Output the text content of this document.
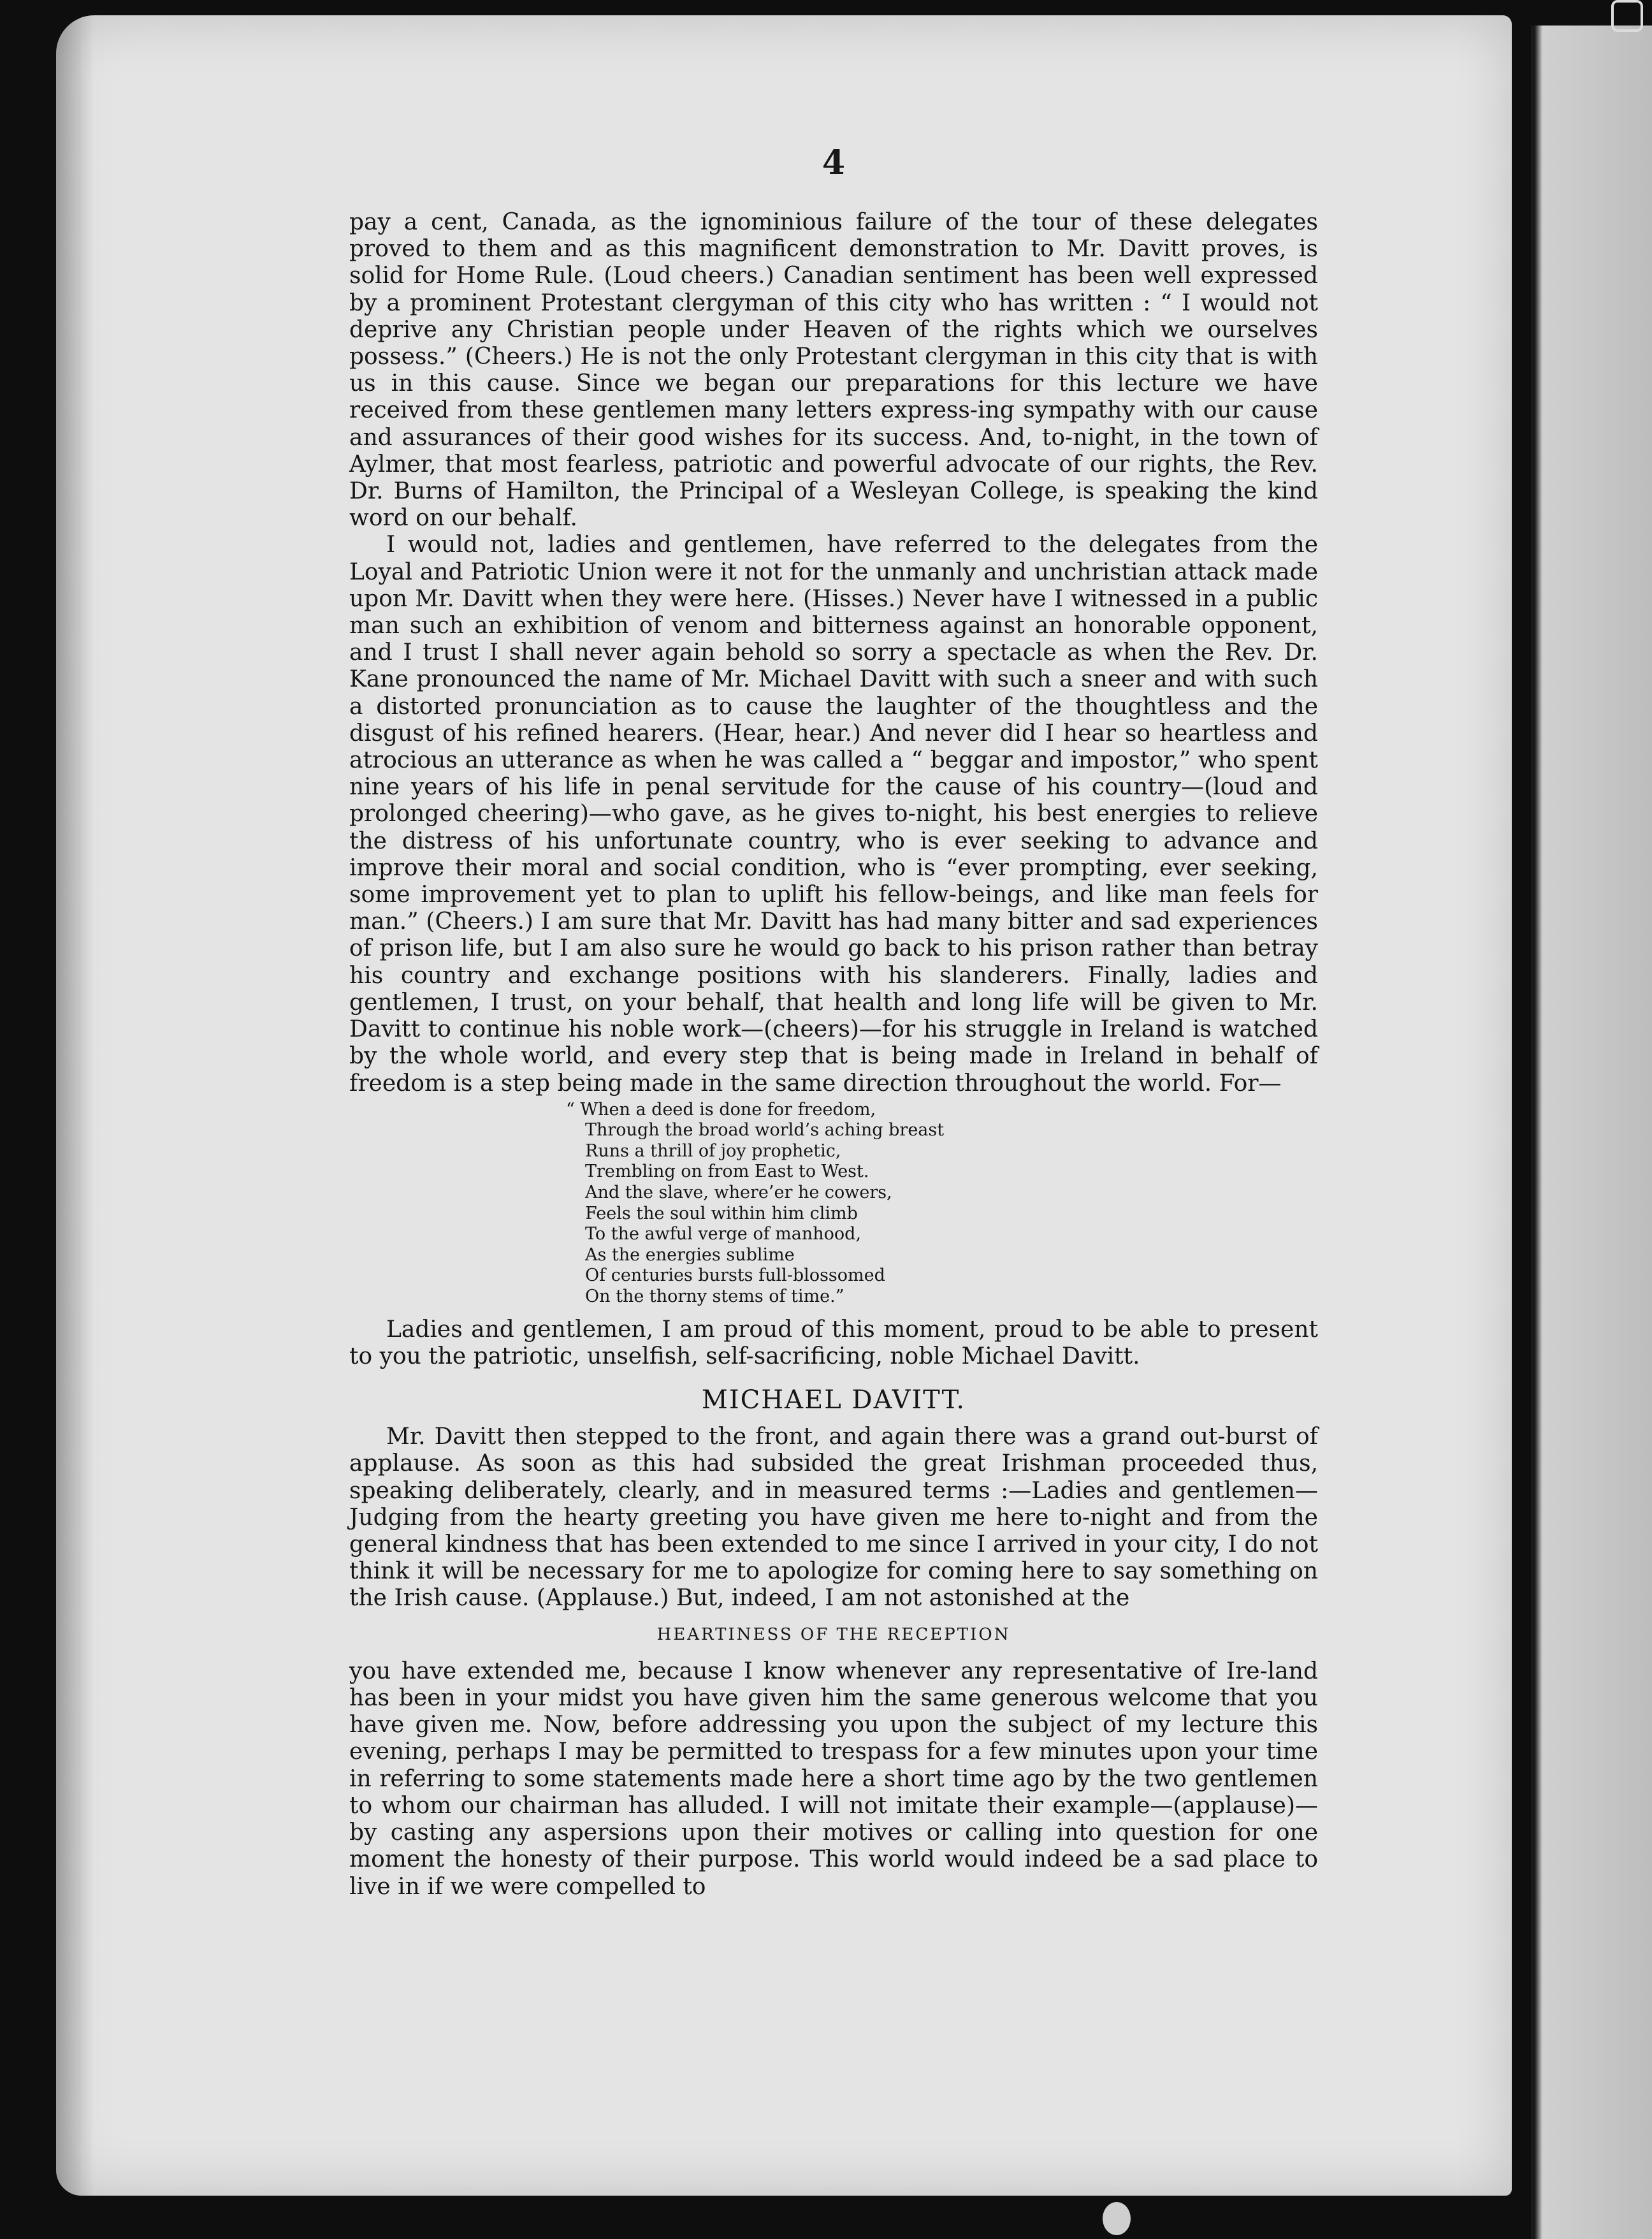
4

pay a cent, Canada, as the ignominious failure of the tour of these delegates proved to them and as this magnificent demonstration to Mr. Davitt proves, is solid for Home Rule. (Loud cheers.) Canadian sentiment has been well expressed by a prominent Protestant clergyman of this city who has written : “ I would not deprive any Christian people under Heaven of the rights which we ourselves possess.” (Cheers.) He is not the only Protestant clergyman in this city that is with us in this cause. Since we began our preparations for this lecture we have received from these gentlemen many letters express-ing sympathy with our cause and assurances of their good wishes for its success. And, to-night, in the town of Aylmer, that most fearless, patriotic and powerful advocate of our rights, the Rev. Dr. Burns of Hamilton, the Principal of a Wesleyan College, is speaking the kind word on our behalf.

I would not, ladies and gentlemen, have referred to the delegates from the Loyal and Patriotic Union were it not for the unmanly and unchristian attack made upon Mr. Davitt when they were here. (Hisses.) Never have I witnessed in a public man such an exhibition of venom and bitterness against an honorable opponent, and I trust I shall never again behold so sorry a spectacle as when the Rev. Dr. Kane pronounced the name of Mr. Michael Davitt with such a sneer and with such a distorted pronunciation as to cause the laughter of the thoughtless and the disgust of his refined hearers. (Hear, hear.) And never did I hear so heartless and atrocious an utterance as when he was called a “ beggar and impostor,” who spent nine years of his life in penal servitude for the cause of his country—(loud and prolonged cheering)—who gave, as he gives to-night, his best energies to relieve the distress of his unfortunate country, who is ever seeking to advance and improve their moral and social condition, who is “ever prompting, ever seeking, some improvement yet to plan to uplift his fellow-beings, and like man feels for man.” (Cheers.) I am sure that Mr. Davitt has had many bitter and sad experiences of prison life, but I am also sure he would go back to his prison rather than betray his country and exchange positions with his slanderers. Finally, ladies and gentlemen, I trust, on your behalf, that health and long life will be given to Mr. Davitt to continue his noble work—(cheers)—for his struggle in Ireland is watched by the whole world, and every step that is being made in Ireland in behalf of freedom is a step being made in the same direction throughout the world. For—

“ When a deed is done for freedom,
Through the broad world’s aching breast
Runs a thrill of joy prophetic,
Trembling on from East to West.
And the slave, where’er he cowers,
Feels the soul within him climb
To the awful verge of manhood,
As the energies sublime
Of centuries bursts full-blossomed
On the thorny stems of time.”

Ladies and gentlemen, I am proud of this moment, proud to be able to present to you the patriotic, unselfish, self-sacrificing, noble Michael Davitt.

MICHAEL DAVITT.

Mr. Davitt then stepped to the front, and again there was a grand out-burst of applause. As soon as this had subsided the great Irishman proceeded thus, speaking deliberately, clearly, and in measured terms :—Ladies and gentlemen—Judging from the hearty greeting you have given me here to-night and from the general kindness that has been extended to me since I arrived in your city, I do not think it will be necessary for me to apologize for coming here to say something on the Irish cause. (Applause.) But, indeed, I am not astonished at the

HEARTINESS OF THE RECEPTION

you have extended me, because I know whenever any representative of Ire-land has been in your midst you have given him the same generous welcome that you have given me. Now, before addressing you upon the subject of my lecture this evening, perhaps I may be permitted to trespass for a few minutes upon your time in referring to some statements made here a short time ago by the two gentlemen to whom our chairman has alluded. I will not imitate their example—(applause)—by casting any aspersions upon their motives or calling into question for one moment the honesty of their purpose. This world would indeed be a sad place to live in if we were compelled to
